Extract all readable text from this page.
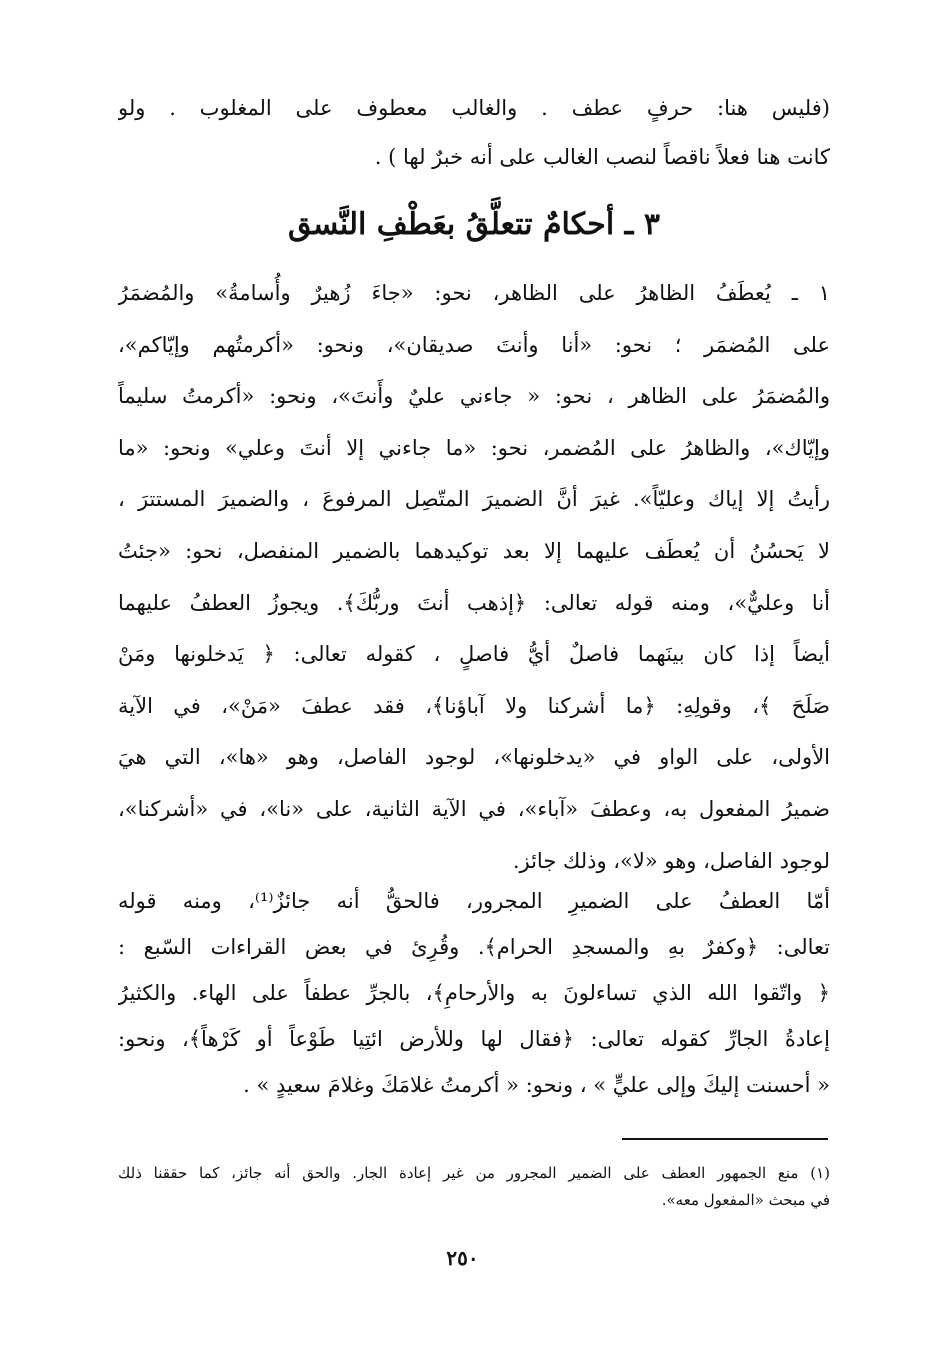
(فليس هنا: حرفٍ عطف . والغالب معطوف على المغلوب . ولو
كانت هنا فعلاً ناقصاً لنصب الغالب على أنه خبرٌ لها ) .
٣ ـ أحكامٌ تتعلَّقُ بعَطْفِ النَّسق
١ ـ يُعطَفُ الظاهرُ على الظاهر، نحو: «جاءَ زُهيرٌ وأُسامةُ» والمُضمَرُ
على المُضمَر ؛ نحو: «أنا وأنتَ صديقان»، ونحو: «أكرمتُهم وإيّاكم»،
والمُضمَرُ على الظاهر ، نحو: « جاءني عليٌ وأَنتَ»، ونحو: «أكرمتُ سليماً
وإيّاك»، والظاهرُ على المُضمر، نحو: «ما جاءني إلا أنتَ وعلي» ونحو: «ما
رأيتُ إلا إياك وعليّاً». غيرَ أنَّ الضميرَ المتّصِل المرفوعَ ، والضميرَ المستترَ ،
لا يَحسُنُ أن يُعطَف عليهما إلا بعد توكيدهما بالضمير المنفصل، نحو: «جئتُ
أنا وعليٌّ»، ومنه قوله تعالى: ﴿إذهب أنتَ وربُّكَ﴾. ويجوزُ العطفُ عليهما
أيضاً إذا كان بينَهما فاصلٌ أيُّ فاصلٍ ، كقوله تعالى: ﴿ يَدخلونها ومَنْ
صَلَحَ ﴾، وقولِهِ: ﴿ما أشركنا ولا آباؤنا﴾، فقد عطفَ «مَنْ»، في الآية
الأولى، على الواو في «يدخلونها»، لوجود الفاصل، وهو «ها»، التي هيَ
ضميرُ المفعول به، وعطفَ «آباء»، في الآية الثانية، على «نا»، في «أشركنا»،
لوجود الفاصل، وهو «لا»، وذلك جائز.
أمّا العطفُ على الضميرِ المجرور، فالحقُّ أنه جائزٌ⁽¹⁾، ومنه قوله
تعالى: ﴿وكفرٌ بهِ والمسجدِ الحرام﴾. وقُرِئ في بعض القراءات السّبع :
﴿ واتّقوا الله الذي تساءلونَ به والأرحامِ﴾، بالجرِّ عطفاً على الهاء. والكثيرُ
إعادةُ الجارِّ كقوله تعالى: ﴿فقال لها وللأرض ائتِيا طَوْعاً أو كَرْهاً﴾، ونحو:
« أحسنت إليكَ وإلى عليٍّ » ، ونحو: « أكرمتُ غلامَكَ وغلامَ سعيدٍ » .
(١) منع الجمهور العطف على الضمير المجرور من غير إعادة الجار. والحق أنه جائز، كما حققنا ذلك
في مبحث «المفعول معه».
٢٥٠
